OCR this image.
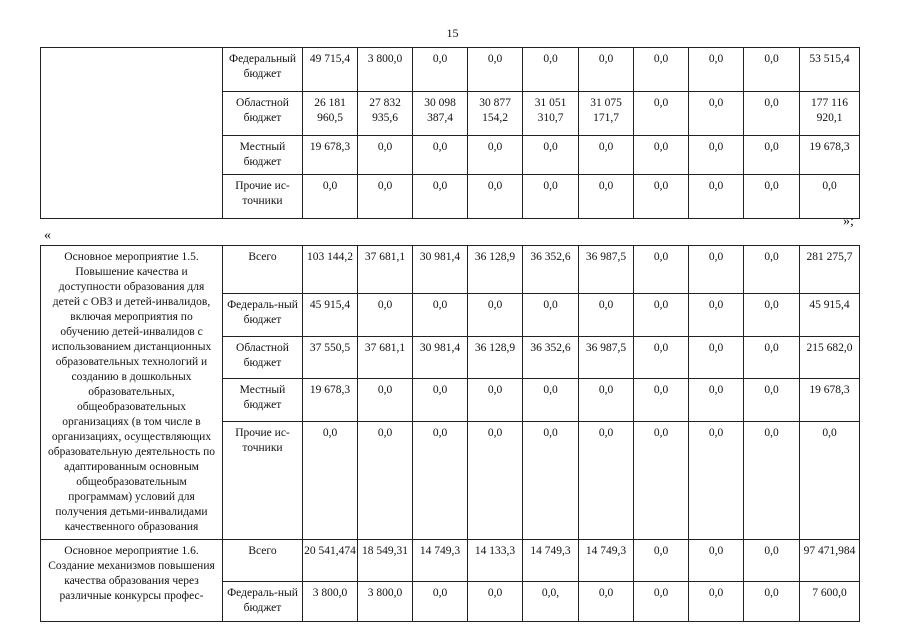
15
	Федеральный бюджет	49 715,4	3 800,0	0,0	0,0	0,0	0,0	0,0	0,0	0,0	53 515,4
	Областной бюджет	26 181 960,5	27 832 935,6	30 098 387,4	30 877 154,2	31 051 310,7	31 075 171,7	0,0	0,0	0,0	177 116 920,1
	Местный бюджет	19 678,3	0,0	0,0	0,0	0,0	0,0	0,0	0,0	0,0	19 678,3
	Прочие ис-точники	0,0	0,0	0,0	0,0	0,0	0,0	0,0	0,0	0,0	0,0
»;
«
Основное мероприятие 1.5. Повышение качества и доступности образования для детей с ОВЗ и детей-инвалидов, включая мероприятия по обучению детей-инвалидов с использованием дистанционных образовательных технологий и созданию в дошкольных образовательных, общеобразовательных организациях (в том числе в организациях, осуществляющих образовательную деятельность по адаптированным основным общеобразовательным программам) условий для получения детьми-инвалидами качественного образования	Всего	103 144,2	37 681,1	30 981,4	36 128,9	36 352,6	36 987,5	0,0	0,0	0,0	281 275,7
	Федераль-ный бюджет	45 915,4	0,0	0,0	0,0	0,0	0,0	0,0	0,0	0,0	45 915,4
	Областной бюджет	37 550,5	37 681,1	30 981,4	36 128,9	36 352,6	36 987,5	0,0	0,0	0,0	215 682,0
	Местный бюджет	19 678,3	0,0	0,0	0,0	0,0	0,0	0,0	0,0	0,0	19 678,3
	Прочие ис-точники	0,0	0,0	0,0	0,0	0,0	0,0	0,0	0,0	0,0	0,0
Основное мероприятие 1.6. Создание механизмов повышения качества образования через различные конкурсы профес-	Всего	20 541,474	18 549,31	14 749,3	14 133,3	14 749,3	14 749,3	0,0	0,0	0,0	97 471,984
	Федераль-ный бюджет	3 800,0	3 800,0	0,0	0,0	0,0,	0,0	0,0	0,0	0,0	7 600,0
